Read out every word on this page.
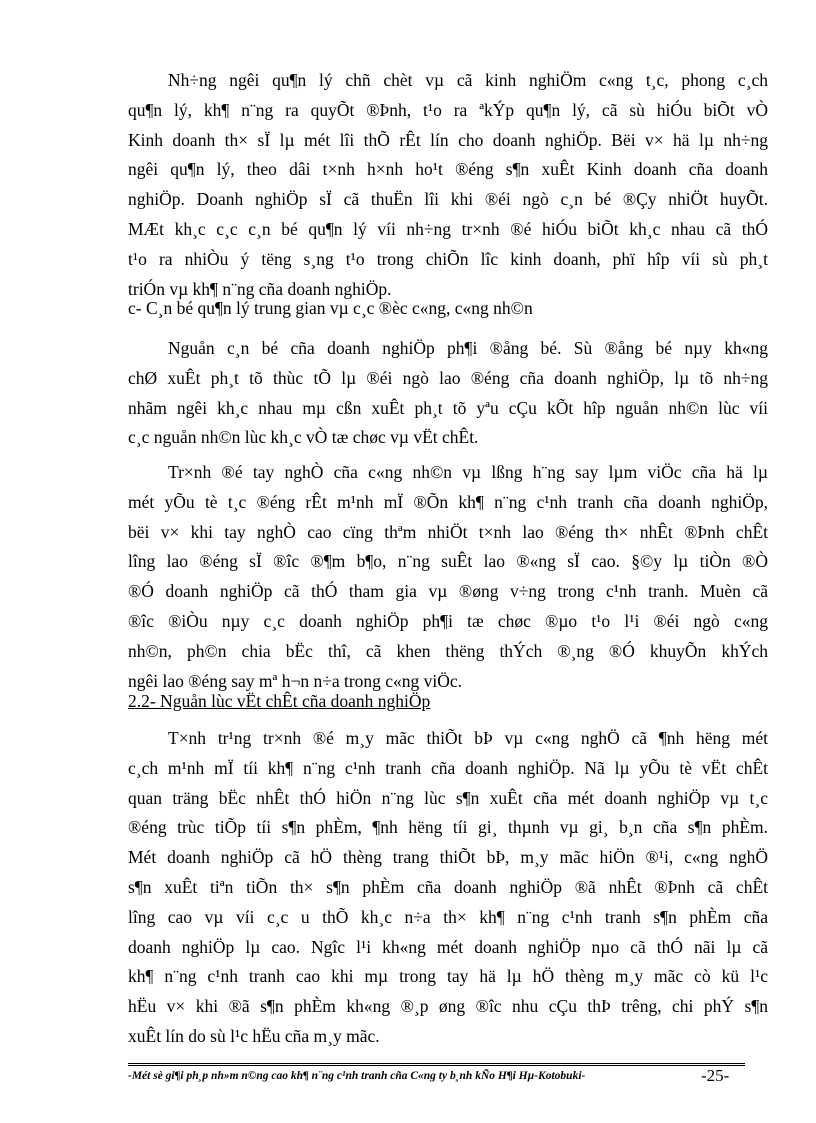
Nh÷ng ngêi qu¶n lý chñ chèt vµ cã kinh nghiÖm c«ng t¸c, phong c¸ch
qu¶n lý, kh¶ n¨ng ra quyÕt ®Þnh, t¹o ra ªkÝp qu¶n lý, cã sù hiÓu biÕt vÒ
Kinh doanh th× sÏ lµ mét lîi thÕ rÊt lín cho doanh nghiÖp. Bëi v× hä lµ nh÷ng
ngêi qu¶n lý, theo dâi t×nh h×nh ho¹t ®éng s¶n xuÊt Kinh doanh cña doanh
nghiÖp. Doanh nghiÖp sÏ cã thuËn lîi khi ®éi ngò c¸n bé ®Çy nhiÖt huyÕt.
MÆt kh¸c c¸c c¸n bé qu¶n lý víi nh÷ng tr×nh ®é hiÓu biÕt kh¸c nhau cã thÓ
t¹o ra nhiÒu ý tëng s¸ng t¹o trong chiÕn lîc kinh doanh, phï hîp víi sù ph¸t
triÓn vµ kh¶ n¨ng cña doanh nghiÖp.
c- C¸n bé qu¶n lý trung gian vµ c¸c ®èc c«ng, c«ng nh©n
Nguån c¸n bé cña doanh nghiÖp ph¶i ®ång bé. Sù ®ång bé nµy kh«ng
chØ xuÊt ph¸t tõ thùc tÕ lµ ®éi ngò lao ®éng cña doanh nghiÖp, lµ tõ nh÷ng
nhãm ngêi kh¸c nhau mµ cßn xuÊt ph¸t tõ yªu cÇu kÕt hîp nguån nh©n lùc víi
c¸c nguån nh©n lùc kh¸c vÒ tæ chøc vµ vËt chÊt.
Tr×nh ®é tay nghÒ cña c«ng nh©n vµ lßng h¨ng say lµm viÖc cña hä lµ
mét yÕu tè t¸c ®éng rÊt m¹nh mÏ ®Õn kh¶ n¨ng c¹nh tranh cña doanh nghiÖp,
bëi v× khi tay nghÒ cao cïng thªm nhiÖt t×nh lao ®éng th× nhÊt ®Þnh chÊt
lîng lao ®éng sÏ ®îc ®¶m b¶o, n¨ng suÊt lao ®«ng sÏ cao. §©y lµ tiÒn ®Ò
®Ó doanh nghiÖp cã thÓ tham gia vµ ®øng v÷ng trong c¹nh tranh. Muèn cã
®îc ®iÒu nµy c¸c doanh nghiÖp ph¶i tæ chøc ®µo t¹o l¹i ®éi ngò c«ng
nh©n, ph©n chia bËc thî, cã khen thëng thÝch ®¸ng ®Ó khuyÕn khÝch
ngêi lao ®éng say mª h¬n n÷a trong c«ng viÖc.
2.2- Nguån lùc vËt chÊt cña doanh nghiÖp
T×nh tr¹ng tr×nh ®é m¸y mãc thiÕt bÞ vµ c«ng nghÖ cã ¶nh hëng mét
c¸ch m¹nh mÏ tíi kh¶ n¨ng c¹nh tranh cña doanh nghiÖp. Nã lµ yÕu tè vËt chÊt
quan träng bËc nhÊt thÓ hiÖn n¨ng lùc s¶n xuÊt cña mét doanh nghiÖp vµ t¸c
®éng trùc tiÕp tíi s¶n phÈm, ¶nh hëng tíi gi¸ thµnh vµ gi¸ b¸n cña s¶n phÈm.
Mét doanh nghiÖp cã hÖ thèng trang thiÕt bÞ, m¸y mãc hiÖn ®¹i, c«ng nghÖ
s¶n xuÊt tiªn tiÕn th× s¶n phÈm cña doanh nghiÖp ®ã nhÊt ®Þnh cã chÊt
lîng cao vµ víi c¸c u thÕ kh¸c n÷a th× kh¶ n¨ng c¹nh tranh s¶n phÈm cña
doanh nghiÖp lµ cao. Ngîc l¹i kh«ng mét doanh nghiÖp nµo cã thÓ nãi lµ cã
kh¶ n¨ng c¹nh tranh cao khi mµ trong tay hä lµ hÖ thèng m¸y mãc cò kü l¹c
hËu v× khi ®ã s¶n phÈm kh«ng ®¸p øng ®îc nhu cÇu thÞ trêng, chi phÝ s¶n
xuÊt lín do sù l¹c hËu cña m¸y mãc.
-Mét sè gi¶i ph¸p nh»m n©ng cao kh¶ n¨ng c¹nh tranh cña C«ng ty b¸nh kÑo H¶i Hµ-Kotobuki-	-25-
